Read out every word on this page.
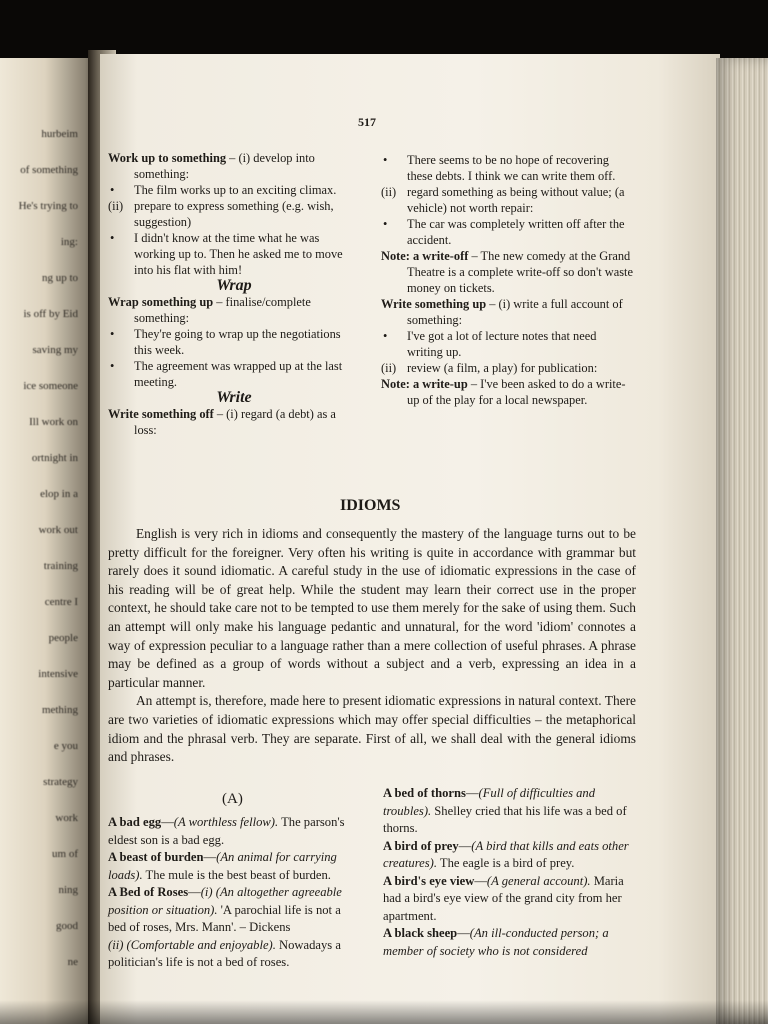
hurbeim
of something
He's trying to
ing:
ng up to
is off by Eid
saving my
ice someone
Ill work on
ortnight in
elop in a
work out
training
centre I
people
intensive
mething
e you
strategy
work
um of
ning
good
ne
517

Work up to something – (i) develop into something:

• The film works up to an exciting climax.

(ii) prepare to express something (e.g. wish, suggestion)

• I didn't know at the time what he was working up to. Then he asked me to move into his flat with him!

Wrap

Wrap something up – finalise/complete something:

• They're going to wrap up the negotiations this week.

• The agreement was wrapped up at the last meeting.

Write

Write something off – (i) regard (a debt) as a loss:

• There seems to be no hope of recovering these debts. I think we can write them off.

(ii) regard something as being without value; (a vehicle) not worth repair:

• The car was completely written off after the accident.

Note: a write-off – The new comedy at the Grand Theatre is a complete write-off so don't waste money on tickets.

Write something up – (i) write a full account of something:

• I've got a lot of lecture notes that need writing up.

(ii) review (a film, a play) for publication:

Note: a write-up – I've been asked to do a write-up of the play for a local newspaper.

IDIOMS

English is very rich in idioms and consequently the mastery of the language turns out to be pretty difficult for the foreigner. Very often his writing is quite in accordance with grammar but rarely does it sound idiomatic. A careful study in the use of idiomatic expressions in the case of his reading will be of great help. While the student may learn their correct use in the proper context, he should take care not to be tempted to use them merely for the sake of using them. Such an attempt will only make his language pedantic and unnatural, for the word 'idiom' connotes a way of expression peculiar to a language rather than a mere collection of useful phrases. A phrase may be defined as a group of words without a subject and a verb, expressing an idea in a particular manner.

An attempt is, therefore, made here to present idiomatic expressions in natural context. There are two varieties of idiomatic expressions which may offer special difficulties – the metaphorical idiom and the phrasal verb. They are separate. First of all, we shall deal with the general idioms and phrases.

(A)

A bad egg—(A worthless fellow). The parson's eldest son is a bad egg.

A beast of burden—(An animal for carrying loads). The mule is the best beast of burden.

A Bed of Roses—(i) (An altogether agreeable position or situation). 'A parochial life is not a bed of roses, Mrs. Mann'. – Dickens

(ii) (Comfortable and enjoyable). Nowadays a politician's life is not a bed of roses.

A bed of thorns—(Full of difficulties and troubles). Shelley cried that his life was a bed of thorns.

A bird of prey—(A bird that kills and eats other creatures). The eagle is a bird of prey.

A bird's eye view—(A general account). Maria had a bird's eye view of the grand city from her apartment.

A black sheep—(An ill-conducted person; a member of society who is not considered
